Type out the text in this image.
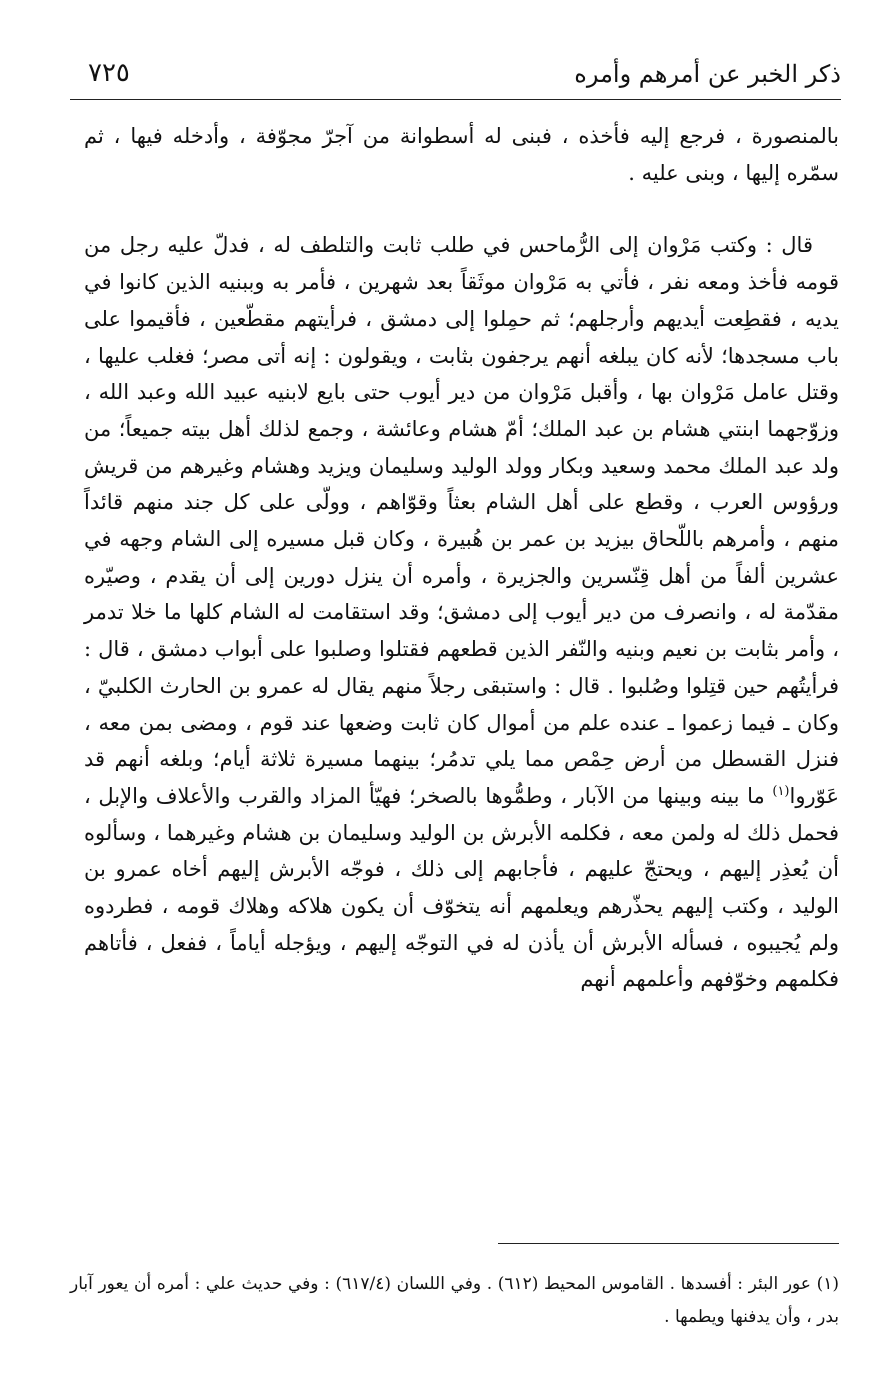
ذكر الخبر عن أمرهم وأمره
٧٢٥

بالمنصورة ، فرجع إليه فأخذه ، فبنى له أسطوانة من آجرّ مجوّفة ، وأدخله فيها ، ثم سمّره إليها ، وبنى عليه .

قال : وكتب مَرْوان إلى الرُّماحس في طلب ثابت والتلطف له ، فدلّ عليه رجل من قومه فأخذ ومعه نفر ، فأتي به مَرْوان موثَقاً بعد شهرين ، فأمر به وببنيه الذين كانوا في يديه ، فقطِعت أيديهم وأرجلهم؛ ثم حمِلوا إلى دمشق ، فرأيتهم مقطّعين ، فأقيموا على باب مسجدها؛ لأنه كان يبلغه أنهم يرجفون بثابت ، ويقولون : إنه أتى مصر؛ فغلب عليها ، وقتل عامل مَرْوان بها ، وأقبل مَرْوان من دير أيوب حتى بايع لابنيه عبيد الله وعبد الله ، وزوّجهما ابنتي هشام بن عبد الملك؛ أمّ هشام وعائشة ، وجمع لذلك أهل بيته جميعاً؛ من ولد عبد الملك محمد وسعيد وبكار وولد الوليد وسليمان ويزيد وهشام وغيرهم من قريش ورؤوس العرب ، وقطع على أهل الشام بعثاً وقوّاهم ، وولّى على كل جند منهم قائداً منهم ، وأمرهم باللّحاق بيزيد بن عمر بن هُبيرة ، وكان قبل مسيره إلى الشام وجهه في عشرين ألفاً من أهل قِنّسرين والجزيرة ، وأمره أن ينزل دورين إلى أن يقدم ، وصيّره مقدّمة له ، وانصرف من دير أيوب إلى دمشق؛ وقد استقامت له الشام كلها ما خلا تدمر ، وأمر بثابت بن نعيم وبنيه والنّفر الذين قطعهم فقتلوا وصلبوا على أبواب دمشق ، قال : فرأيتُهم حين قتِلوا وصُلبوا . قال : واستبقى رجلاً منهم يقال له عمرو بن الحارث الكلبيّ ، وكان ـ فيما زعموا ـ عنده علم من أموال كان ثابت وضعها عند قوم ، ومضى بمن معه ، فنزل القسطل من أرض حِمْص مما يلي تدمُر؛ بينهما مسيرة ثلاثة أيام؛ وبلغه أنهم قد عَوّروا$^{(١)}$ ما بينه وبينها من الآبار ، وطمُّوها بالصخر؛ فهيّأ المزاد والقرب والأعلاف والإبل ، فحمل ذلك له ولمن معه ، فكلمه الأبرش بن الوليد وسليمان بن هشام وغيرهما ، وسألوه أن يُعذِر إليهم ، ويحتجّ عليهم ، فأجابهم إلى ذلك ، فوجّه الأبرش إليهم أخاه عمرو بن الوليد ، وكتب إليهم يحذّرهم ويعلمهم أنه يتخوّف أن يكون هلاكه وهلاك قومه ، فطردوه ولم يُجيبوه ، فسأله الأبرش أن يأذن له في التوجّه إليهم ، ويؤجله أياماً ، ففعل ، فأتاهم فكلمهم وخوّفهم وأعلمهم أنهم

(١) عور البئر : أفسدها . القاموس المحيط (٦١٢) . وفي اللسان (٦١٧/٤) : وفي حديث علي : أمره أن يعور آبار بدر ، وأن يدفنها ويطمها .
